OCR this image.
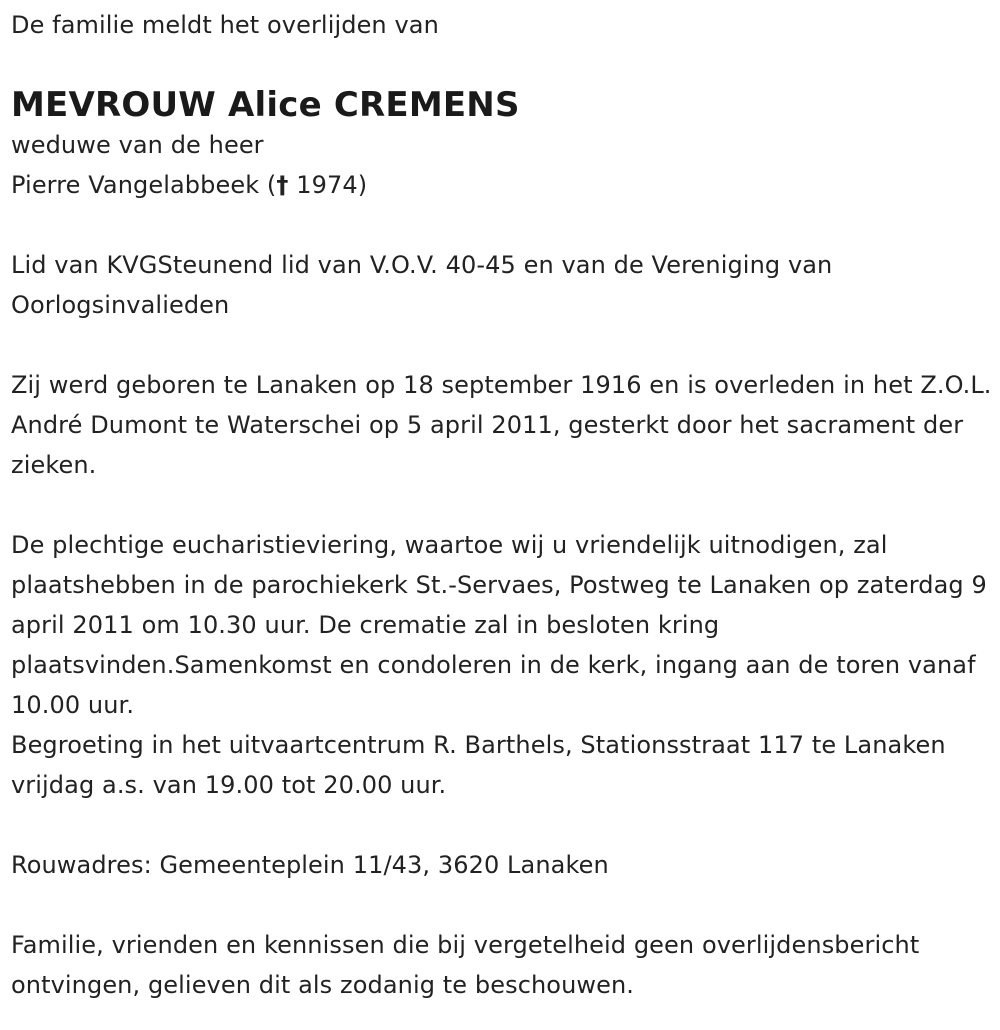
De familie meldt het overlijden van

MEVROUW Alice CREMENS

weduwe van de heer

Pierre Vangelabbeek († 1974)

Lid van KVGSteunend lid van V.O.V. 40-45 en van de Vereniging van Oorlogsinvalieden

Zij werd geboren te Lanaken op 18 september 1916 en is overleden in het Z.O.L. André Dumont te Waterschei op 5 april 2011, gesterkt door het sacrament der zieken.

De plechtige eucharistieviering, waartoe wij u vriendelijk uitnodigen, zal plaatshebben in de parochiekerk St.-Servaes, Postweg te Lanaken op zaterdag 9 april 2011 om 10.30 uur. De crematie zal in besloten kring plaatsvinden.Samenkomst en condoleren in de kerk, ingang aan de toren vanaf 10.00 uur.

Begroeting in het uitvaartcentrum R. Barthels, Stationsstraat 117 te Lanaken vrijdag a.s. van 19.00 tot 20.00 uur.

Rouwadres: Gemeenteplein 11/43, 3620 Lanaken

Familie, vrienden en kennissen die bij vergetelheid geen overlijdensbericht ontvingen, gelieven dit als zodanig te beschouwen.
